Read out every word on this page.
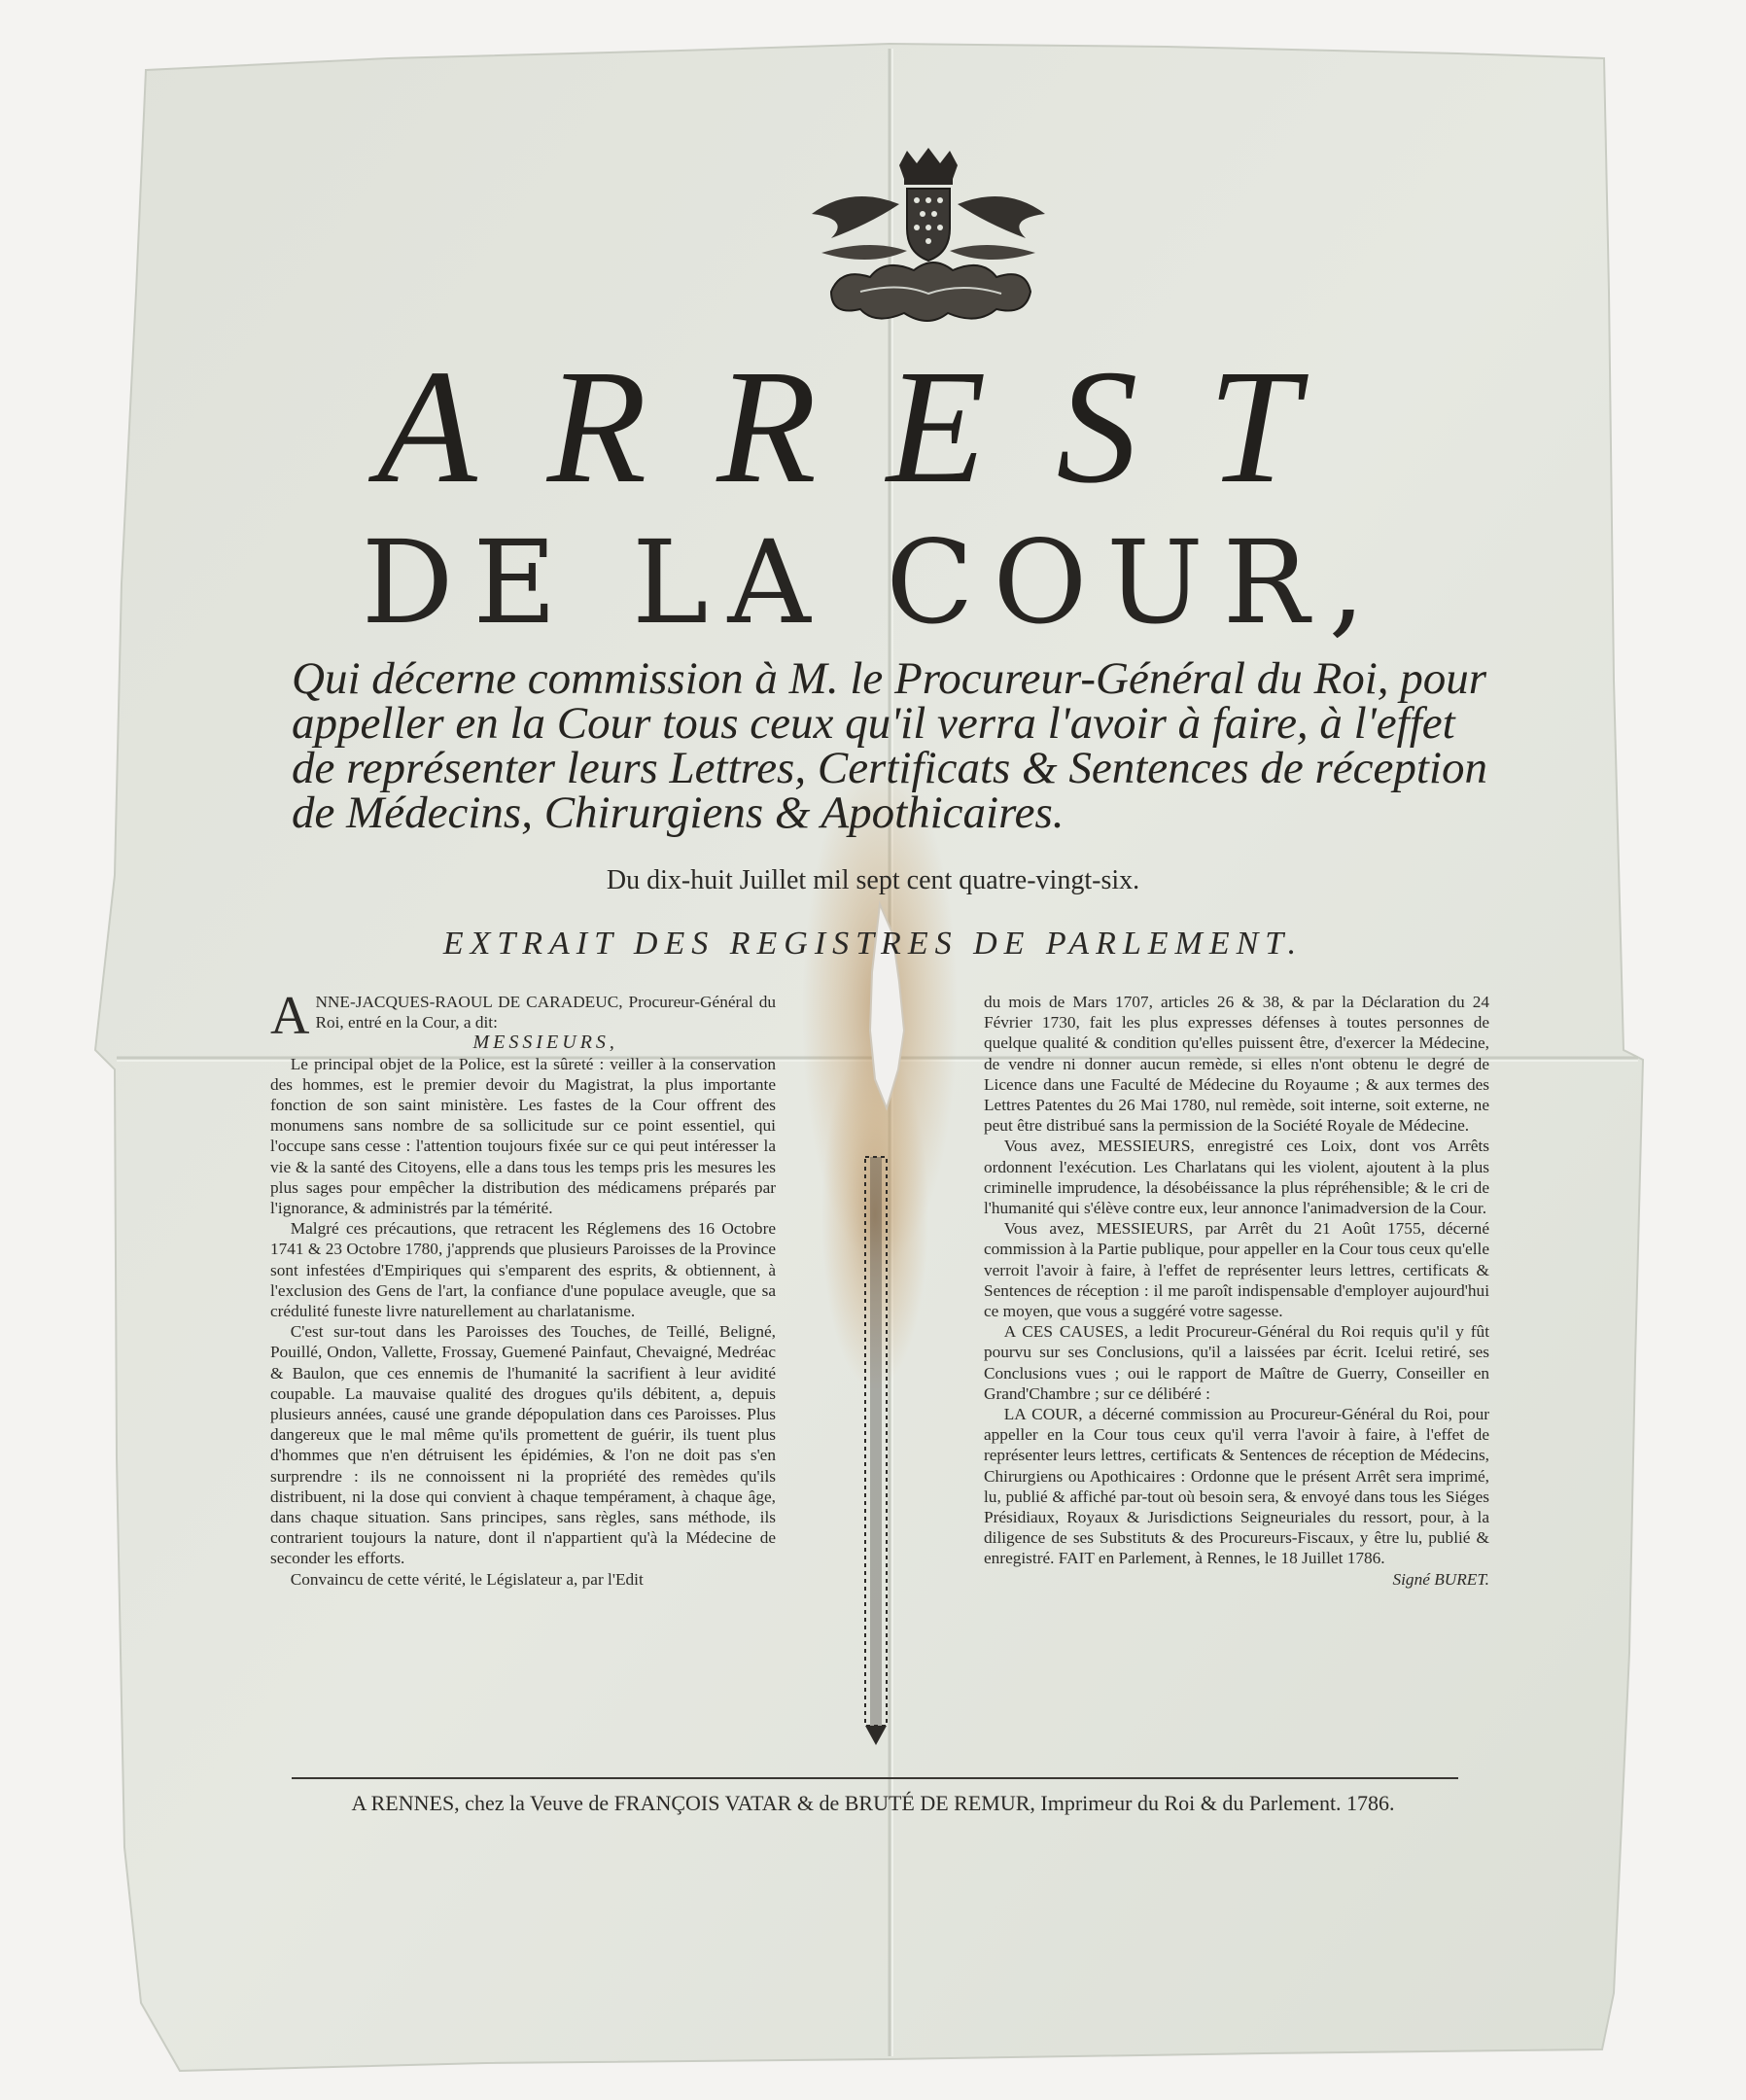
ARREST
DE LA COUR,
Qui décerne commission à M. le Procureur-Général du Roi, pour appeller en la Cour tous ceux qu'il verra l'avoir à faire, à l'effet de représenter leurs Lettres, Certificats & Sentences de réception de Médecins, Chirurgiens & Apothicaires.
Du dix-huit Juillet mil sept cent quatre-vingt-six.
EXTRAIT DES REGISTRES DE PARLEMENT.

ANNE-JACQUES-RAOUL DE CARADEUC, Procureur-Général du Roi, entré en la Cour, a dit:

MESSIEURS,

Le principal objet de la Police, est la sûreté : veiller à la conservation des hommes, est le premier devoir du Magistrat, la plus importante fonction de son saint ministère. Les fastes de la Cour offrent des monumens sans nombre de sa sollicitude sur ce point essentiel, qui l'occupe sans cesse : l'attention toujours fixée sur ce qui peut intéresser la vie & la santé des Citoyens, elle a dans tous les temps pris les mesures les plus sages pour empêcher la distribution des médicamens préparés par l'ignorance, & administrés par la témérité.

Malgré ces précautions, que retracent les Réglemens des 16 Octobre 1741 & 23 Octobre 1780, j'apprends que plusieurs Paroisses de la Province sont infestées d'Empiriques qui s'emparent des esprits, & obtiennent, à l'exclusion des Gens de l'art, la confiance d'une populace aveugle, que sa crédulité funeste livre naturellement au charlatanisme.

C'est sur-tout dans les Paroisses des Touches, de Teillé, Beligné, Pouillé, Ondon, Vallette, Frossay, Guemené Painfaut, Chevaigné, Medréac & Baulon, que ces ennemis de l'humanité la sacrifient à leur avidité coupable. La mauvaise qualité des drogues qu'ils débitent, a, depuis plusieurs années, causé une grande dépopulation dans ces Paroisses. Plus dangereux que le mal même qu'ils promettent de guérir, ils tuent plus d'hommes que n'en détruisent les épidémies, & l'on ne doit pas s'en surprendre : ils ne connoissent ni la propriété des remèdes qu'ils distribuent, ni la dose qui convient à chaque tempérament, à chaque âge, dans chaque situation. Sans principes, sans règles, sans méthode, ils contrarient toujours la nature, dont il n'appartient qu'à la Médecine de seconder les efforts.

Convaincu de cette vérité, le Législateur a, par l'Edit

du mois de Mars 1707, articles 26 & 38, & par la Déclaration du 24 Février 1730, fait les plus expresses défenses à toutes personnes de quelque qualité & condition qu'elles puissent être, d'exercer la Médecine, de vendre ni donner aucun remède, si elles n'ont obtenu le degré de Licence dans une Faculté de Médecine du Royaume ; & aux termes des Lettres Patentes du 26 Mai 1780, nul remède, soit interne, soit externe, ne peut être distribué sans la permission de la Société Royale de Médecine.

Vous avez, MESSIEURS, enregistré ces Loix, dont vos Arrêts ordonnent l'exécution. Les Charlatans qui les violent, ajoutent à la plus criminelle imprudence, la désobéissance la plus répréhensible; & le cri de l'humanité qui s'élève contre eux, leur annonce l'animadversion de la Cour.

Vous avez, MESSIEURS, par Arrêt du 21 Août 1755, décerné commission à la Partie publique, pour appeller en la Cour tous ceux qu'elle verroit l'avoir à faire, à l'effet de représenter leurs lettres, certificats & Sentences de réception : il me paroît indispensable d'employer aujourd'hui ce moyen, que vous a suggéré votre sagesse.

A CES CAUSES, a ledit Procureur-Général du Roi requis qu'il y fût pourvu sur ses Conclusions, qu'il a laissées par écrit. Icelui retiré, ses Conclusions vues ; oui le rapport de Maître de Guerry, Conseiller en Grand'Chambre ; sur ce délibéré :

LA COUR, a décerné commission au Procureur-Général du Roi, pour appeller en la Cour tous ceux qu'il verra l'avoir à faire, à l'effet de représenter leurs lettres, certificats & Sentences de réception de Médecins, Chirurgiens ou Apothicaires : Ordonne que le présent Arrêt sera imprimé, lu, publié & affiché par-tout où besoin sera, & envoyé dans tous les Siéges Présidiaux, Royaux & Jurisdictions Seigneuriales du ressort, pour, à la diligence de ses Substituts & des Procureurs-Fiscaux, y être lu, publié & enregistré. FAIT en Parlement, à Rennes, le 18 Juillet 1786.

Signé BURET.

A RENNES, chez la Veuve de FRANÇOIS VATAR & de BRUTÉ DE REMUR, Imprimeur du Roi & du Parlement. 1786.
